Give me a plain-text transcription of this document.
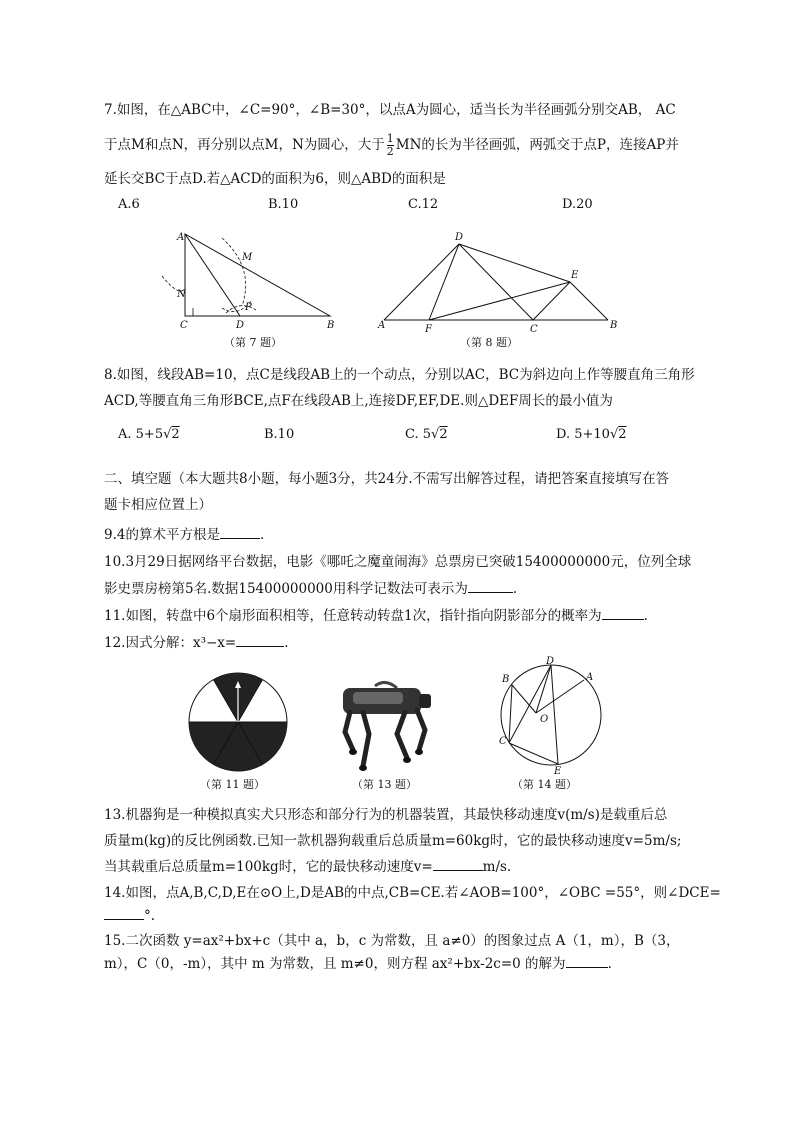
7.如图，在△ABC中，∠C=90°，∠B=30°，以点A为圆心，适当长为半径画弧分别交AB， AC
于点M和点N，再分别以点M，N为圆心，大于 $\frac{1}{2}$ MN的长为半径画弧，两弧交于点P，连接AP并
延长交BC于点D.若△ACD的面积为6，则△ABD的面积是
A.6	B.10	C.12	D.20
A
M
N
P
C	D	B
（第 7 题）
D
E
A	F	C	B
（第 8 题）
8.如图，线段AB=10，点C是线段AB上的一个动点，分别以AC，BC为斜边向上作等腰直角三角形
ACD,等腰直角三角形BCE,点F在线段AB上,连接DF,EF,DE.则△DEF周长的最小值为
A. 5+5√2	B.10	C. 5√2	D. 5+10√2
二、填空题（本大题共8小题，每小题3分，共24分.不需写出解答过程，请把答案直接填写在答
题卡相应位置上）
9.4的算术平方根是	.
10.3月29日据网络平台数据，电影《哪吒之魔童闹海》总票房已突破15400000000元，位列全球
影史票房榜第5名.数据15400000000用科学记数法可表示为	.
11.如图，转盘中6个扇形面积相等，任意转动转盘1次，指针指向阴影部分的概率为	.
12.因式分解：x³−x=	.
（第 11 题）	（第 13 题）
D
B	A
O
C
E
（第 14 题）
13.机器狗是一种模拟真实犬只形态和部分行为的机器装置，其最快移动速度v(m/s)是载重后总
质量m(kg)的反比例函数.已知一款机器狗载重后总质量m=60kg时，它的最快移动速度v=5m/s;
当其载重后总质量m=100kg时，它的最快移动速度v=	m/s.
14.如图，点A,B,C,D,E在⊙O上,D是AB的中点,CB=CE.若∠AOB=100°，∠OBC =55°，则∠DCE=
°.
15.二次函数 y=ax²+bx+c（其中 a，b，c 为常数，且 a≠0）的图象过点 A（1，m），B（3，
m），C（0，-m），其中 m 为常数，且 m≠0，则方程 ax²+bx-2c=0 的解为	.
